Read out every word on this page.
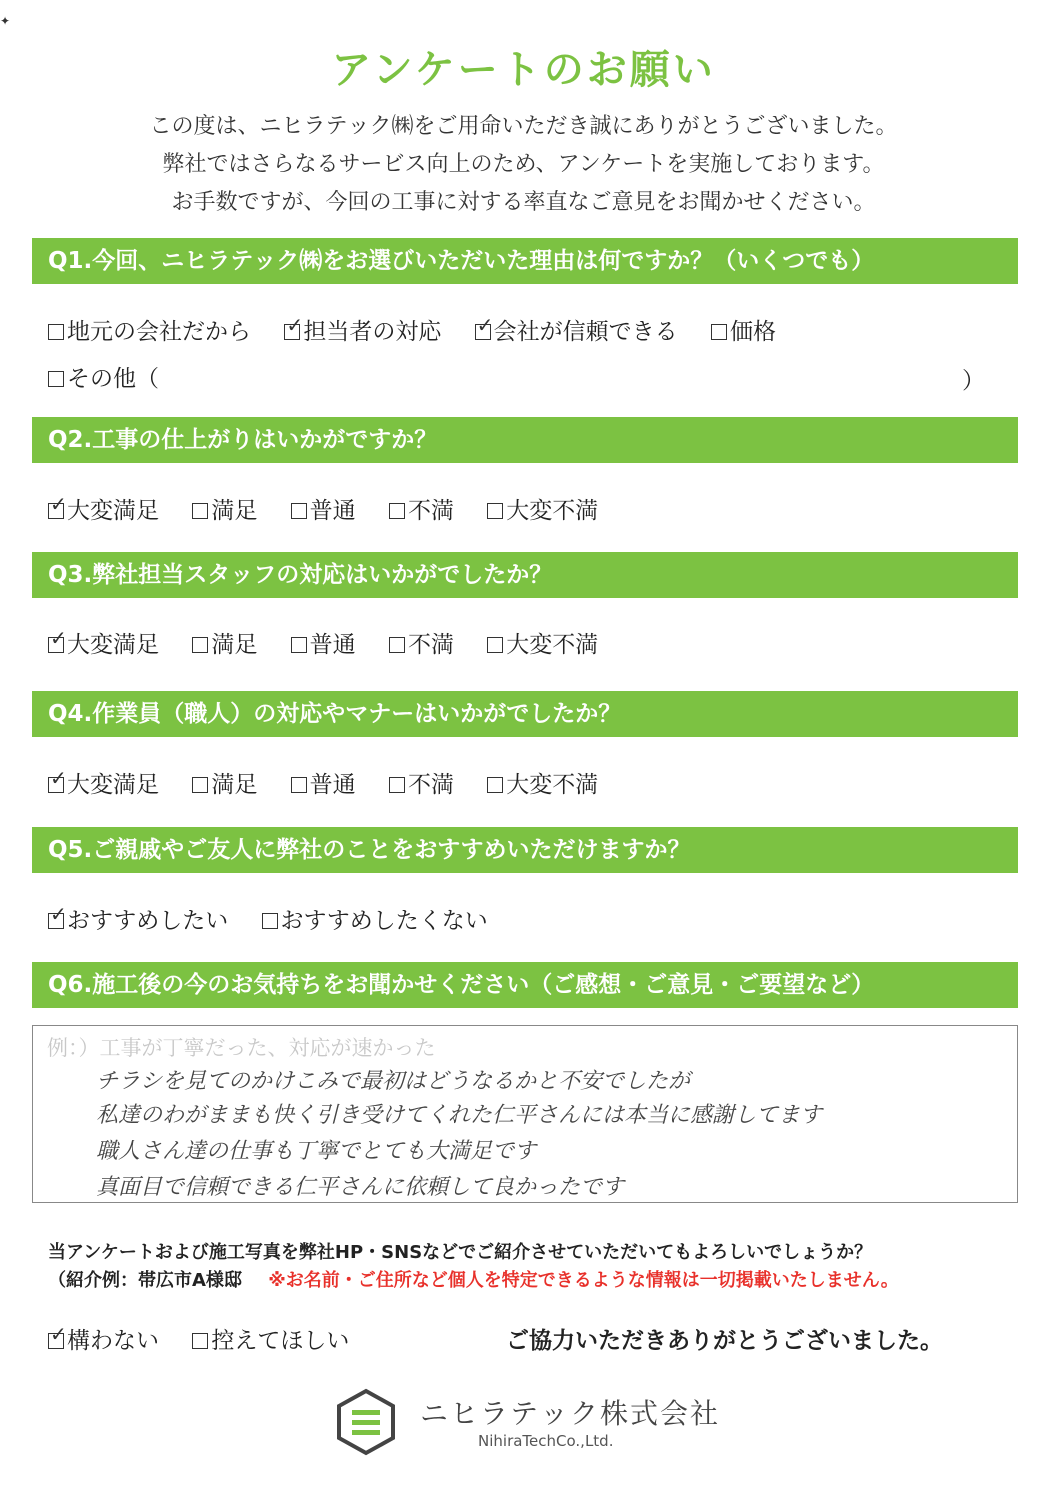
✦
アンケートのお願い
この度は、ニヒラテック㈱をご用命いただき誠にありがとうございました。
弊社ではさらなるサービス向上のため、アンケートを実施しております。
お手数ですが、今回の工事に対する率直なご意見をお聞かせください。
Q1.今回、ニヒラテック㈱をお選びいただいた理由は何ですか？（いくつでも）
地元の会社だから ✓ 担当者の対応 ✓ 会社が信頼できる 価格
その他（	）
Q2.工事の仕上がりはいかがですか？
✓大変満足 満足 普通 不満 大変不満
Q3.弊社担当スタッフの対応はいかがでしたか？
✓大変満足 満足 普通 不満 大変不満
Q4.作業員（職人）の対応やマナーはいかがでしたか？
✓大変満足 満足 普通 不満 大変不満
Q5.ご親戚やご友人に弊社のことをおすすめいただけますか？
✓おすすめしたい おすすめしたくない
Q6.施工後の今のお気持ちをお聞かせください（ご感想・ご意見・ご要望など）
例：）工事が丁寧だった、対応が速かった
チラシを見てのかけこみで最初はどうなるかと不安でしたが
私達のわがままも快く引き受けてくれた仁平さんには本当に感謝してます
職人さん達の仕事も丁寧でとても大満足です
真面目で信頼できる仁平さんに依頼して良かったです
当アンケートおよび施工写真を弊社HP・SNSなどでご紹介させていただいてもよろしいでしょうか？
（紹介例：帯広市A様邸 ※お名前・ご住所など個人を特定できるような情報は一切掲載いたしません。
✓構わない 控えてほしい	ご協力いただきありがとうございました。
ニヒラテック株式会社
NihiraTechCo.,Ltd.
